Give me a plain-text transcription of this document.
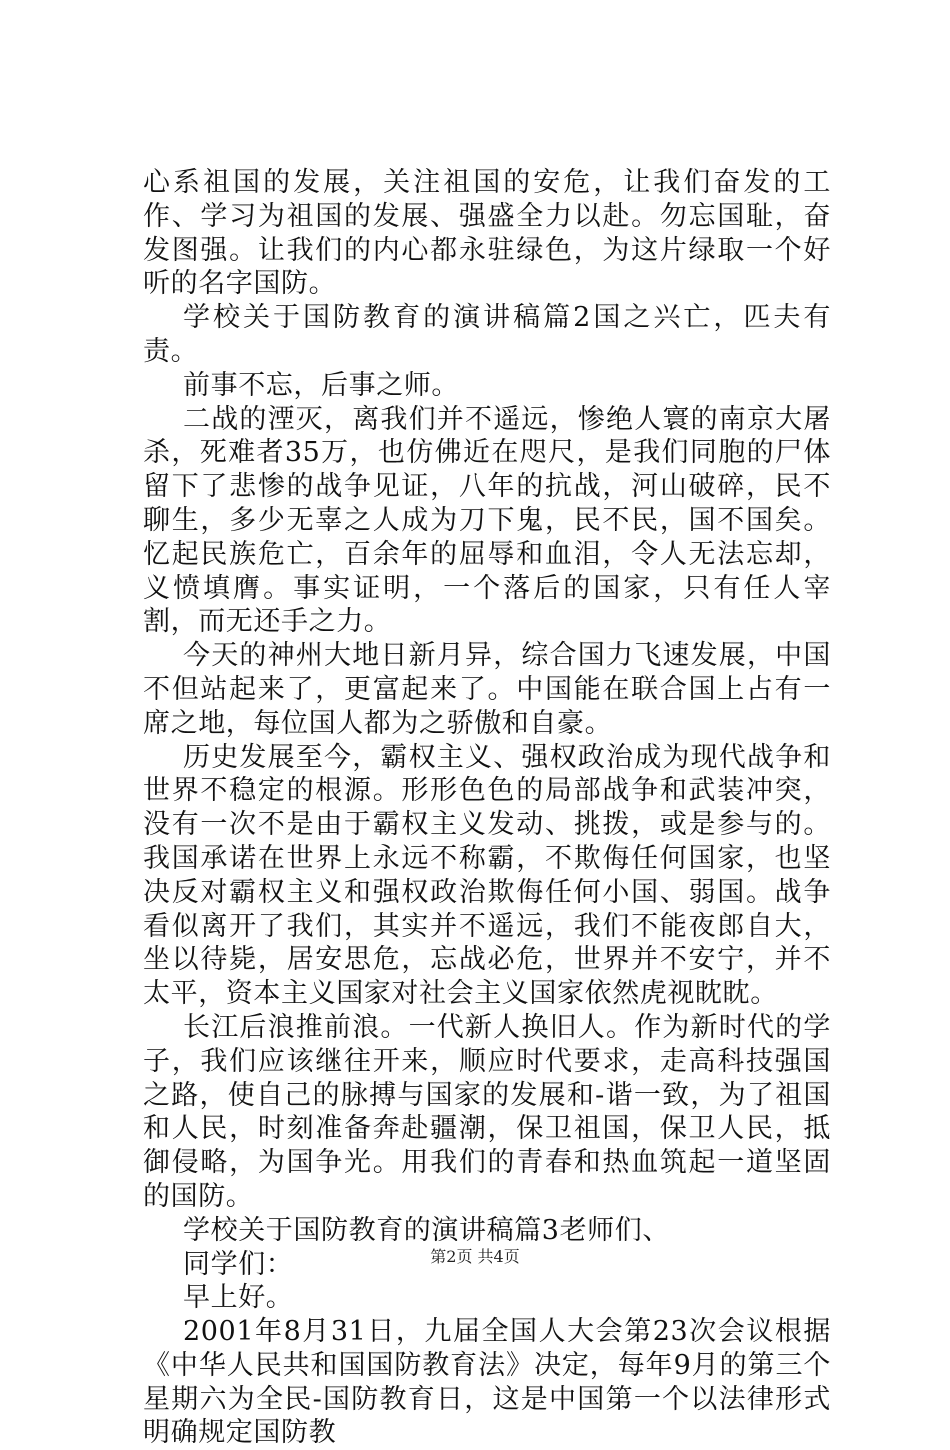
心系祖国的发展，关注祖国的安危，让我们奋发的工作、学习为祖国的发展、强盛全力以赴。勿忘国耻，奋发图强。让我们的内心都永驻绿色，为这片绿取一个好听的名字国防。

学校关于国防教育的演讲稿篇2国之兴亡，匹夫有责。

前事不忘，后事之师。

二战的湮灭，离我们并不遥远，惨绝人寰的南京大屠杀，死难者35万，也仿佛近在咫尺，是我们同胞的尸体留下了悲惨的战争见证，八年的抗战，河山破碎，民不聊生，多少无辜之人成为刀下鬼，民不民，国不国矣。忆起民族危亡，百余年的屈辱和血泪，令人无法忘却，义愤填膺。事实证明，一个落后的国家，只有任人宰割，而无还手之力。

今天的神州大地日新月异，综合国力飞速发展，中国不但站起来了，更富起来了。中国能在联合国上占有一席之地，每位国人都为之骄傲和自豪。

历史发展至今，霸权主义、强权政治成为现代战争和世界不稳定的根源。形形色色的局部战争和武装冲突，没有一次不是由于霸权主义发动、挑拨，或是参与的。我国承诺在世界上永远不称霸，不欺侮任何国家，也坚决反对霸权主义和强权政治欺侮任何小国、弱国。战争看似离开了我们，其实并不遥远，我们不能夜郎自大，坐以待毙，居安思危，忘战必危，世界并不安宁，并不太平，资本主义国家对社会主义国家依然虎视眈眈。

长江后浪推前浪。一代新人换旧人。作为新时代的学子，我们应该继往开来，顺应时代要求，走高科技强国之路，使自己的脉搏与国家的发展和-谐一致，为了祖国和人民，时刻准备奔赴疆潮，保卫祖国，保卫人民，抵御侵略，为国争光。用我们的青春和热血筑起一道坚固的国防。

学校关于国防教育的演讲稿篇3老师们、

同学们：

早上好。

2001年8月31日，九届全国人大会第23次会议根据《中华人民共和国国防教育法》决定，每年9月的第三个星期六为全民-国防教育日，这是中国第一个以法律形式明确规定国防教

第2页 共4页
